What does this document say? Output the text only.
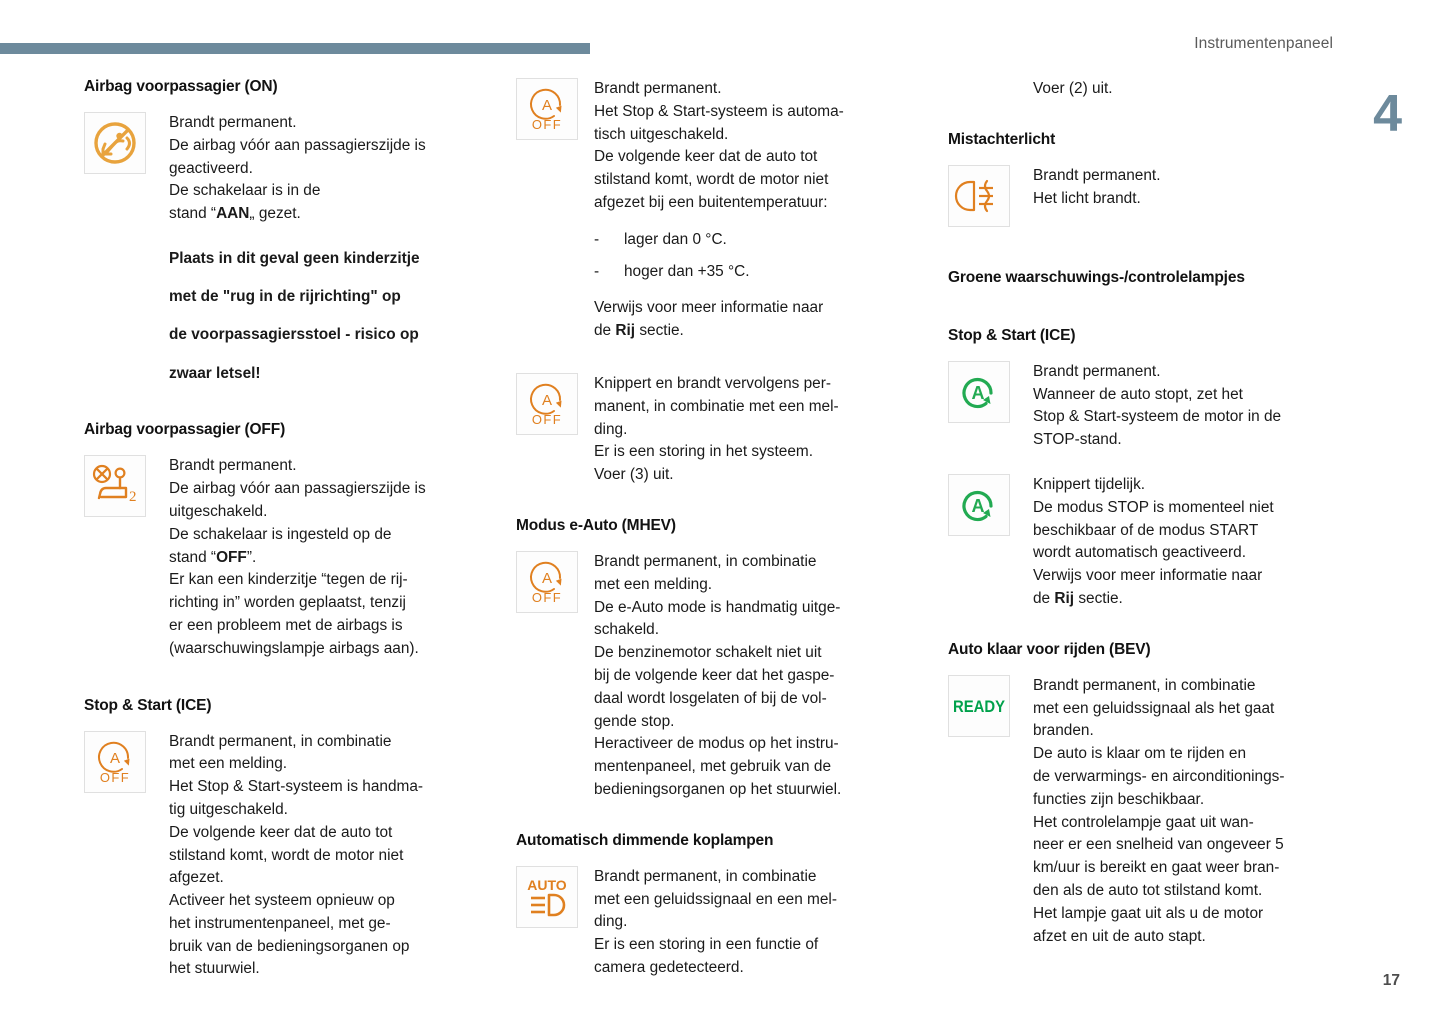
Instrumentenpaneel
4
17
Airbag voorpassagier (ON)

Brandt permanent.

De airbag vóór aan passagierszijde is

geactiveerd.

De schakelaar is in de

stand “AAN„ gezet.

Plaats in dit geval geen kinderzitje

met de "rug in de rijrichting" op

de voorpassagiersstoel - risico op

zwaar letsel!

Airbag voorpassagier (OFF)
2

Brandt permanent.

De airbag vóór aan passagierszijde is

uitgeschakeld.

De schakelaar is ingesteld op de

stand “OFF”.

Er kan een kinderzitje “tegen de rij-

richting in” worden geplaatst, tenzij

er een probleem met de airbags is

(waarschuwingslampje airbags aan).

Stop & Start (ICE)
A
OFF

Brandt permanent, in combinatie

met een melding.

Het Stop & Start-systeem is handma-

tig uitgeschakeld.

De volgende keer dat de auto tot

stilstand komt, wordt de motor niet

afgezet.

Activeer het systeem opnieuw op

het instrumentenpaneel, met ge-

bruik van de bedieningsorganen op

het stuurwiel.

A
OFF

Brandt permanent.

Het Stop & Start-systeem is automa-

tisch uitgeschakeld.

De volgende keer dat de auto tot

stilstand komt, wordt de motor niet

afgezet bij een buitentemperatuur:

-	lager dan 0 °C.
-	hoger dan +35 °C.

Verwijs voor meer informatie naar

de Rij sectie.

A
OFF

Knippert en brandt vervolgens per-

manent, in combinatie met een mel-

ding.

Er is een storing in het systeem.

Voer (3) uit.

Modus e-Auto (MHEV)
A
OFF

Brandt permanent, in combinatie

met een melding.

De e-Auto mode is handmatig uitge-

schakeld.

De benzinemotor schakelt niet uit

bij de volgende keer dat het gaspe-

daal wordt losgelaten of bij de vol-

gende stop.

Heractiveer de modus op het instru-

mentenpaneel, met gebruik van de

bedieningsorganen op het stuurwiel.

Automatisch dimmende koplampen
AUTO Brandt permanent, in combinatie

met een geluidssignaal en een mel-

ding.

Er is een storing in een functie of

camera gedetecteerd.

Voer (2) uit.

Mistachterlicht

Brandt permanent.

Het licht brandt.

Groene waarschuwings-/controlelampjes
Stop & Start (ICE)
A

Brandt permanent.

Wanneer de auto stopt, zet het

Stop & Start-systeem de motor in de

STOP-stand.

A

Knippert tijdelijk.

De modus STOP is momenteel niet

beschikbaar of de modus START

wordt automatisch geactiveerd.

Verwijs voor meer informatie naar

de Rij sectie.

Auto klaar voor rijden (BEV)
READY

Brandt permanent, in combinatie

met een geluidssignaal als het gaat

branden.

De auto is klaar om te rijden en

de verwarmings- en airconditionings-

functies zijn beschikbaar.

Het controlelampje gaat uit wan-

neer er een snelheid van ongeveer 5

km/uur is bereikt en gaat weer bran-

den als de auto tot stilstand komt.

Het lampje gaat uit als u de motor

afzet en uit de auto stapt.
